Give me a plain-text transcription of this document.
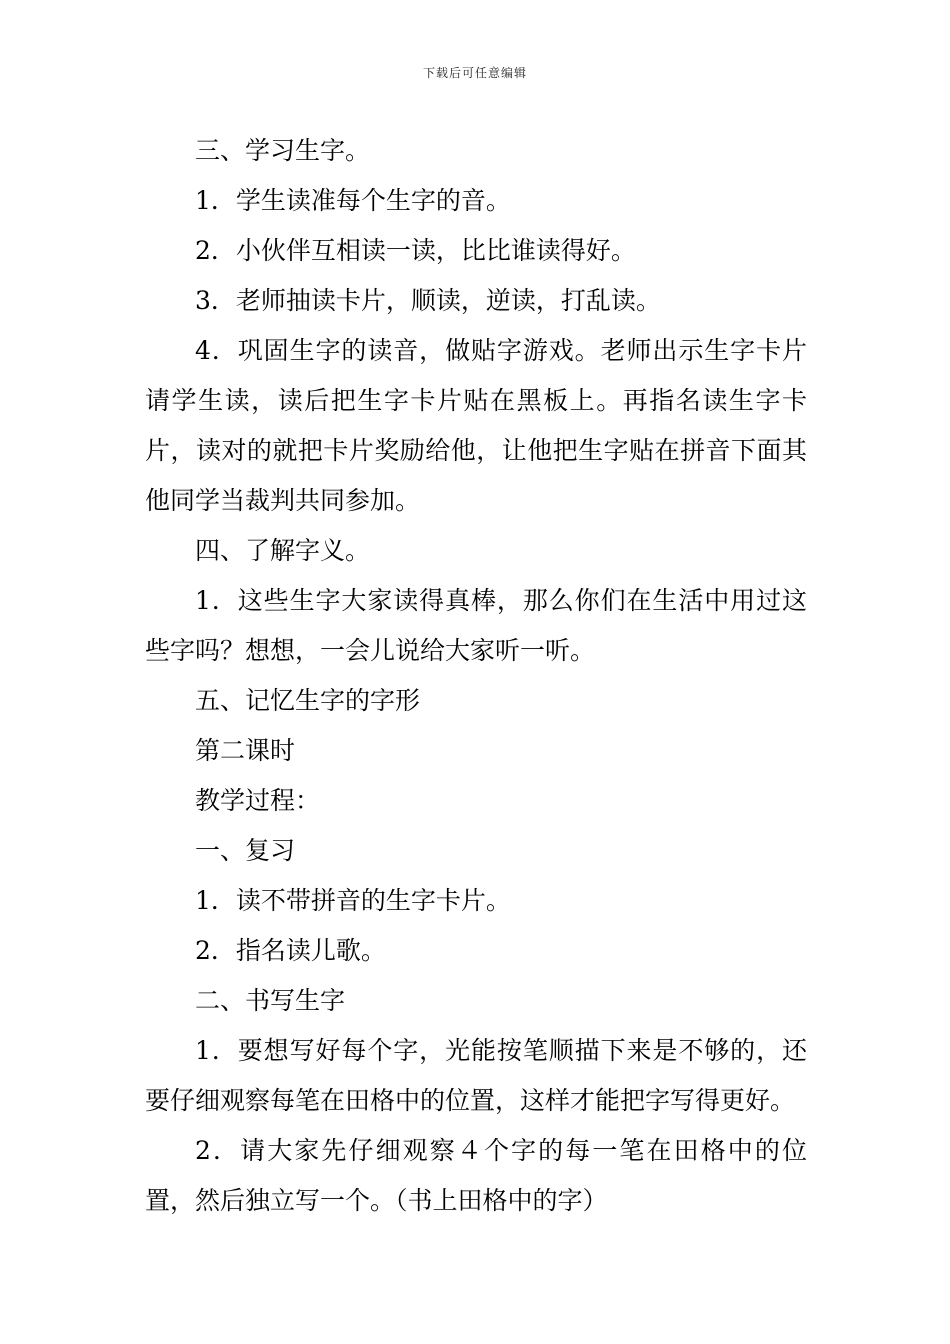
下载后可任意编辑

三、学习生字。

1．学生读准每个生字的音。

2．小伙伴互相读一读，比比谁读得好。

3．老师抽读卡片，顺读，逆读，打乱读。

4．巩固生字的读音，做贴字游戏。老师出示生字卡片请学生读，读后把生字卡片贴在黑板上。再指名读生字卡片，读对的就把卡片奖励给他，让他把生字贴在拼音下面其他同学当裁判共同参加。

四、了解字义。

1．这些生字大家读得真棒，那么你们在生活中用过这些字吗？想想，一会儿说给大家听一听。

五、记忆生字的字形

第二课时

教学过程：

一、复习

1．读不带拼音的生字卡片。

2．指名读儿歌。

二、书写生字

1．要想写好每个字，光能按笔顺描下来是不够的，还要仔细观察每笔在田格中的位置，这样才能把字写得更好。

2．请大家先仔细观察４个字的每一笔在田格中的位置，然后独立写一个。（书上田格中的字）
